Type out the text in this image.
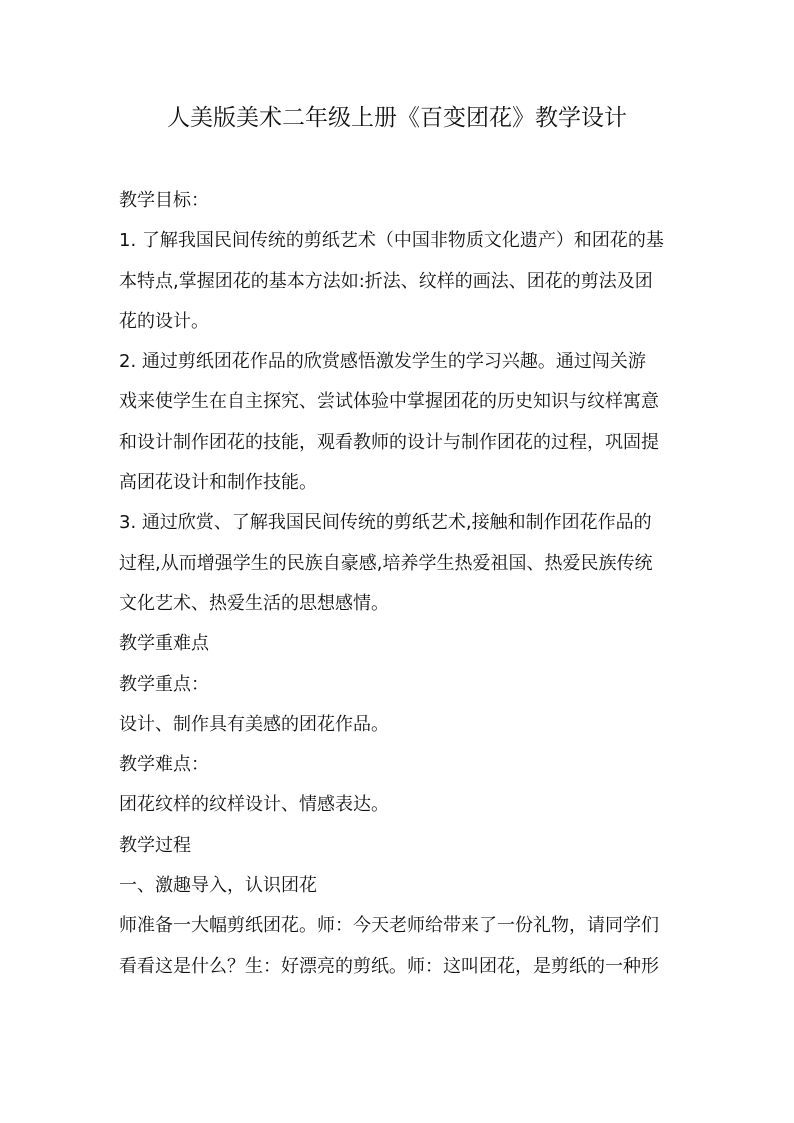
人美版美术二年级上册《百变团花》教学设计
教学目标：
1. 了解我国民间传统的剪纸艺术（中国非物质文化遗产）和团花的基
本特点,掌握团花的基本方法如:折法、纹样的画法、团花的剪法及团
花的设计。
2. 通过剪纸团花作品的欣赏感悟激发学生的学习兴趣。通过闯关游
戏来使学生在自主探究、尝试体验中掌握团花的历史知识与纹样寓意
和设计制作团花的技能，观看教师的设计与制作团花的过程，巩固提
高团花设计和制作技能。
3. 通过欣赏、了解我国民间传统的剪纸艺术,接触和制作团花作品的
过程,从而增强学生的民族自豪感,培养学生热爱祖国、热爱民族传统
文化艺术、热爱生活的思想感情。
教学重难点
教学重点：
设计、制作具有美感的团花作品。
教学难点：
团花纹样的纹样设计、情感表达。
教学过程
一、激趣导入，认识团花
师准备一大幅剪纸团花。师：今天老师给带来了一份礼物，请同学们
看看这是什么？生：好漂亮的剪纸。师：这叫团花，是剪纸的一种形
